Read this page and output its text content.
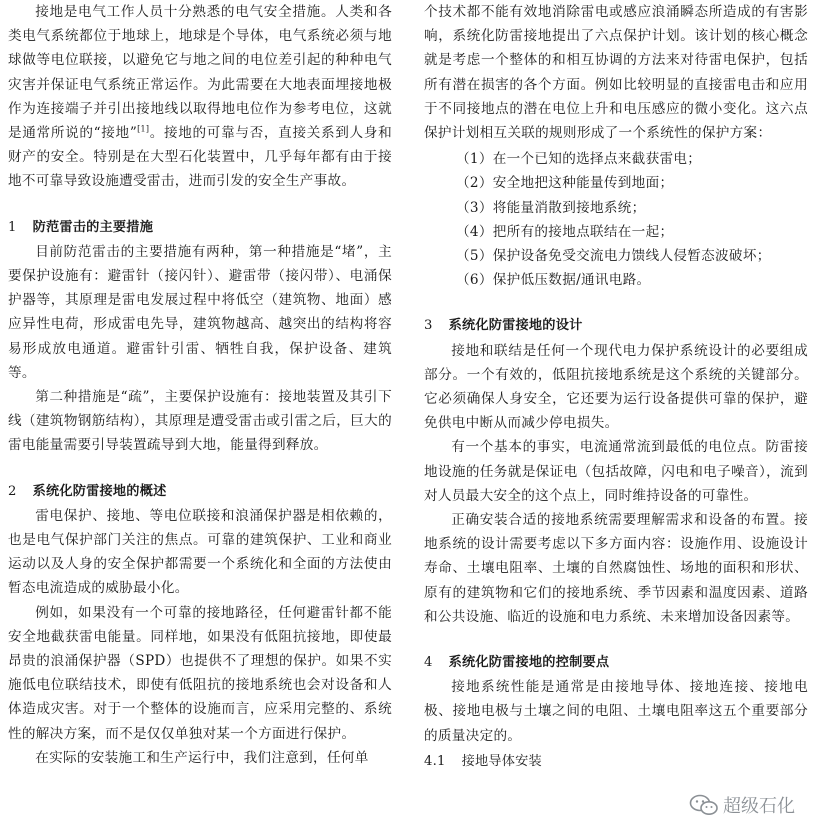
接地是电气工作人员十分熟悉的电气安全措施。人类和各类电气系统都位于地球上，地球是个导体，电气系统必须与地球做等电位联接，以避免它与地之间的电位差引起的种种电气灾害并保证电气系统正常运作。为此需要在大地表面埋接地极作为连接端子并引出接地线以取得地电位作为参考电位，这就是通常所说的“接地”[1]。接地的可靠与否，直接关系到人身和财产的安全。特别是在大型石化装置中，几乎每年都有由于接地不可靠导致设施遭受雷击，进而引发的安全生产事故。

1 防范雷击的主要措施

目前防范雷击的主要措施有两种，第一种措施是“堵”，主要保护设施有：避雷针（接闪针）、避雷带（接闪带）、电涌保护器等，其原理是雷电发展过程中将低空（建筑物、地面）感应异性电荷，形成雷电先导，建筑物越高、越突出的结构将容易形成放电通道。避雷针引雷、牺牲自我，保护设备、建筑等。

第二种措施是“疏”，主要保护设施有：接地装置及其引下线（建筑物钢筋结构），其原理是遭受雷击或引雷之后，巨大的雷电能量需要引导装置疏导到大地，能量得到释放。

2 系统化防雷接地的概述

雷电保护、接地、等电位联接和浪涌保护器是相依赖的，也是电气保护部门关注的焦点。可靠的建筑保护、工业和商业运动以及人身的安全保护都需要一个系统化和全面的方法使由暂态电流造成的威胁最小化。

例如，如果没有一个可靠的接地路径，任何避雷针都不能安全地截获雷电能量。同样地，如果没有低阻抗接地，即使最昂贵的浪涌保护器（SPD）也提供不了理想的保护。如果不实施低电位联结技术，即使有低阻抗的接地系统也会对设备和人体造成灾害。对于一个整体的设施而言，应采用完整的、系统性的解决方案，而不是仅仅单独对某一个方面进行保护。

在实际的安装施工和生产运行中，我们注意到，任何单

个技术都不能有效地消除雷电或感应浪涌瞬态所造成的有害影响，系统化防雷接地提出了六点保护计划。该计划的核心概念就是考虑一个整体的和相互协调的方法来对待雷电保护，包括所有潜在损害的各个方面。例如比较明显的直接雷电击和应用于不同接地点的潜在电位上升和电压感应的微小变化。这六点保护计划相互关联的规则形成了一个系统性的保护方案：

（1）在一个已知的选择点来截获雷电；
（2）安全地把这种能量传到地面；
（3）将能量消散到接地系统；
（4）把所有的接地点联结在一起；
（5）保护设备免受交流电力馈线人侵暂态波破坏；
（6）保护低压数据/通讯电路。
3 系统化防雷接地的设计

接地和联结是任何一个现代电力保护系统设计的必要组成部分。一个有效的，低阻抗接地系统是这个系统的关键部分。它必须确保人身安全，它还要为运行设备提供可靠的保护，避免供电中断从而减少停电损失。

有一个基本的事实，电流通常流到最低的电位点。防雷接地设施的任务就是保证电（包括故障，闪电和电子噪音），流到对人员最大安全的这个点上，同时维持设备的可靠性。

正确安装合适的接地系统需要理解需求和设备的布置。接地系统的设计需要考虑以下多方面内容：设施作用、设施设计寿命、土壤电阻率、土壤的自然腐蚀性、场地的面积和形状、原有的建筑物和它们的接地系统、季节因素和温度因素、道路和公共设施、临近的设施和电力系统、未来增加设备因素等。

4 系统化防雷接地的控制要点

接地系统性能是通常是由接地导体、接地连接、接地电极、接地电极与土壤之间的电阻、土壤电阻率这五个重要部分的质量决定的。

4.1 接地导体安装
超级石化
